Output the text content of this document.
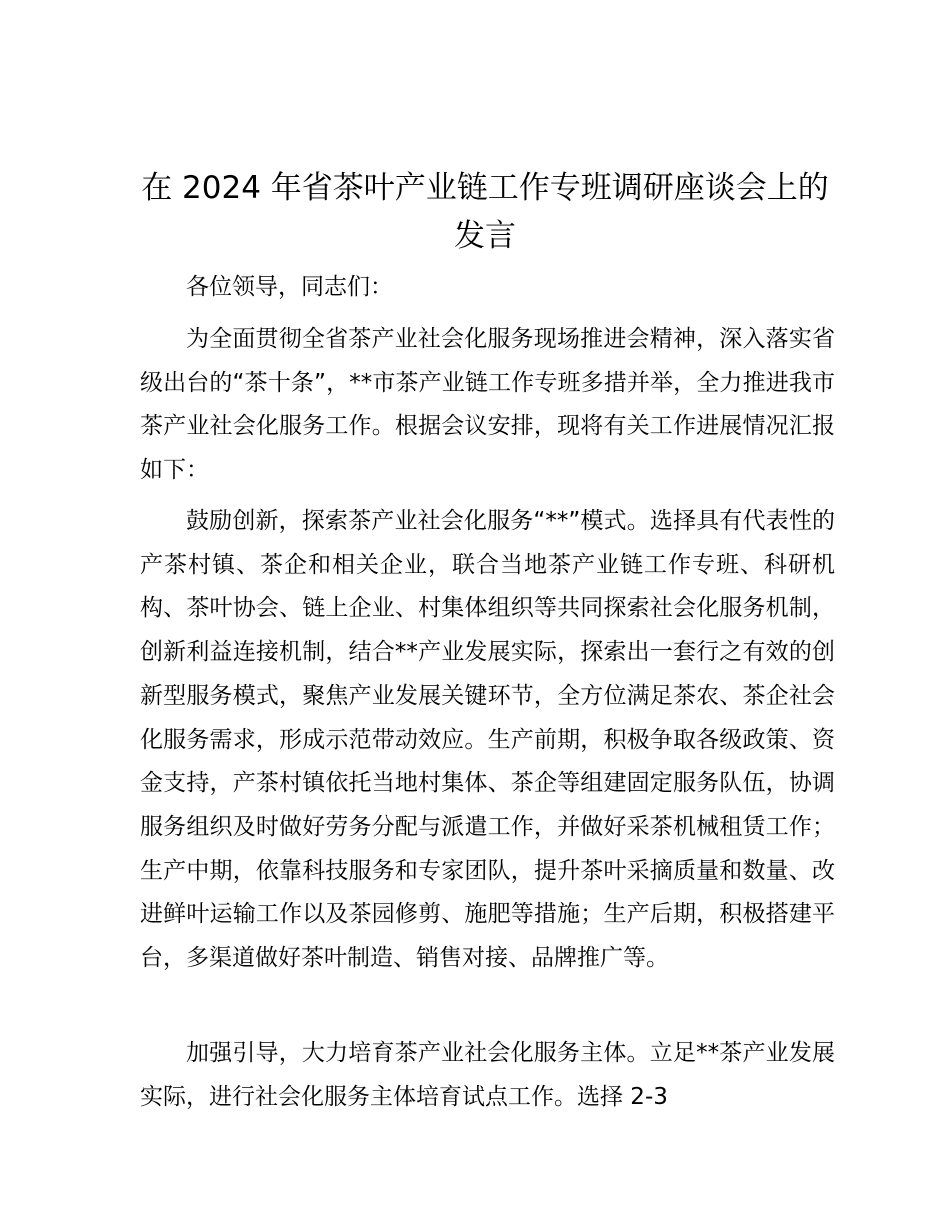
在 2024 年省茶叶产业链工作专班调研座谈会上的发言

各位领导，同志们：

为全面贯彻全省茶产业社会化服务现场推进会精神，深入落实省级出台的“茶十条”，**市茶产业链工作专班多措并举，全力推进我市茶产业社会化服务工作。根据会议安排，现将有关工作进展情况汇报如下：

鼓励创新，探索茶产业社会化服务“**”模式。选择具有代表性的产茶村镇、茶企和相关企业，联合当地茶产业链工作专班、科研机构、茶叶协会、链上企业、村集体组织等共同探索社会化服务机制，创新利益连接机制，结合**产业发展实际，探索出一套行之有效的创新型服务模式，聚焦产业发展关键环节，全方位满足茶农、茶企社会化服务需求，形成示范带动效应。生产前期，积极争取各级政策、资金支持，产茶村镇依托当地村集体、茶企等组建固定服务队伍，协调服务组织及时做好劳务分配与派遣工作，并做好采茶机械租赁工作；生产中期，依靠科技服务和专家团队，提升茶叶采摘质量和数量、改进鲜叶运输工作以及茶园修剪、施肥等措施；生产后期，积极搭建平台，多渠道做好茶叶制造、销售对接、品牌推广等。

加强引导，大力培育茶产业社会化服务主体。立足**茶产业发展实际，进行社会化服务主体培育试点工作。选择 2-3
